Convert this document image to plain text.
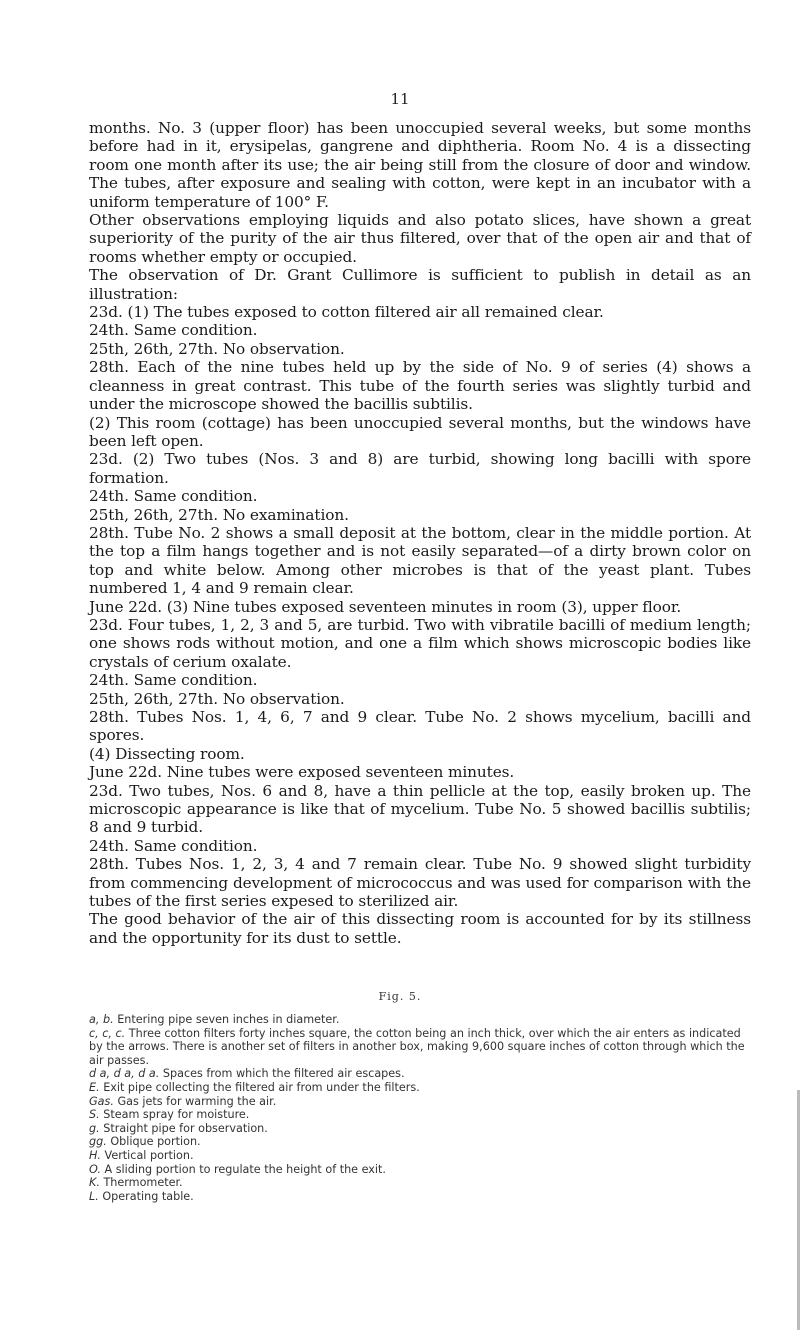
11

months. No. 3 (upper floor) has been unoccupied several weeks, but some months before had in it, erysipelas, gangrene and diphtheria. Room No. 4 is a dissecting room one month after its use; the air being still from the closure of door and window. The tubes, after exposure and sealing with cotton, were kept in an incubator with a uniform temperature of 100° F.

Other observations employing liquids and also potato slices, have shown a great superiority of the purity of the air thus filtered, over that of the open air and that of rooms whether empty or occupied.

The observation of Dr. Grant Cullimore is sufficient to publish in detail as an illustration:

23d. (1) The tubes exposed to cotton filtered air all remained clear.

24th. Same condition.

25th, 26th, 27th. No observation.

28th. Each of the nine tubes held up by the side of No. 9 of series (4) shows a cleanness in great contrast. This tube of the fourth series was slightly turbid and under the microscope showed the bacillis subtilis.

(2) This room (cottage) has been unoccupied several months, but the windows have been left open.

23d. (2) Two tubes (Nos. 3 and 8) are turbid, showing long bacilli with spore formation.

24th. Same condition.

25th, 26th, 27th. No examination.

28th. Tube No. 2 shows a small deposit at the bottom, clear in the middle portion. At the top a film hangs together and is not easily separated—of a dirty brown color on top and white below. Among other microbes is that of the yeast plant. Tubes numbered 1, 4 and 9 remain clear.

June 22d. (3) Nine tubes exposed seventeen minutes in room (3), upper floor.

23d. Four tubes, 1, 2, 3 and 5, are turbid. Two with vibratile bacilli of medium length; one shows rods without motion, and one a film which shows microscopic bodies like crystals of cerium oxalate.

24th. Same condition.

25th, 26th, 27th. No observation.

28th. Tubes Nos. 1, 4, 6, 7 and 9 clear. Tube No. 2 shows mycelium, bacilli and spores.

(4) Dissecting room.

June 22d. Nine tubes were exposed seventeen minutes.

23d. Two tubes, Nos. 6 and 8, have a thin pellicle at the top, easily broken up. The microscopic appearance is like that of mycelium. Tube No. 5 showed bacillis subtilis; 8 and 9 turbid.

24th. Same condition.

28th. Tubes Nos. 1, 2, 3, 4 and 7 remain clear. Tube No. 9 showed slight turbidity from commencing development of micrococcus and was used for comparison with the tubes of the first series expesed to sterilized air.

The good behavior of the air of this dissecting room is accounted for by its stillness and the opportunity for its dust to settle.

Fig. 5.

a, b. Entering pipe seven inches in diameter.

c, c, c. Three cotton filters forty inches square, the cotton being an inch thick, over which the air enters as indicated by the arrows. There is another set of filters in another box, making 9,600 square inches of cotton through which the air passes.

d a, d a, d a. Spaces from which the filtered air escapes.

E. Exit pipe collecting the filtered air from under the filters.

Gas. Gas jets for warming the air.

S. Steam spray for moisture.

g. Straight pipe for observation.

gg. Oblique portion.

H. Vertical portion.

O. A sliding portion to regulate the height of the exit.

K. Thermometer.

L. Operating table.
